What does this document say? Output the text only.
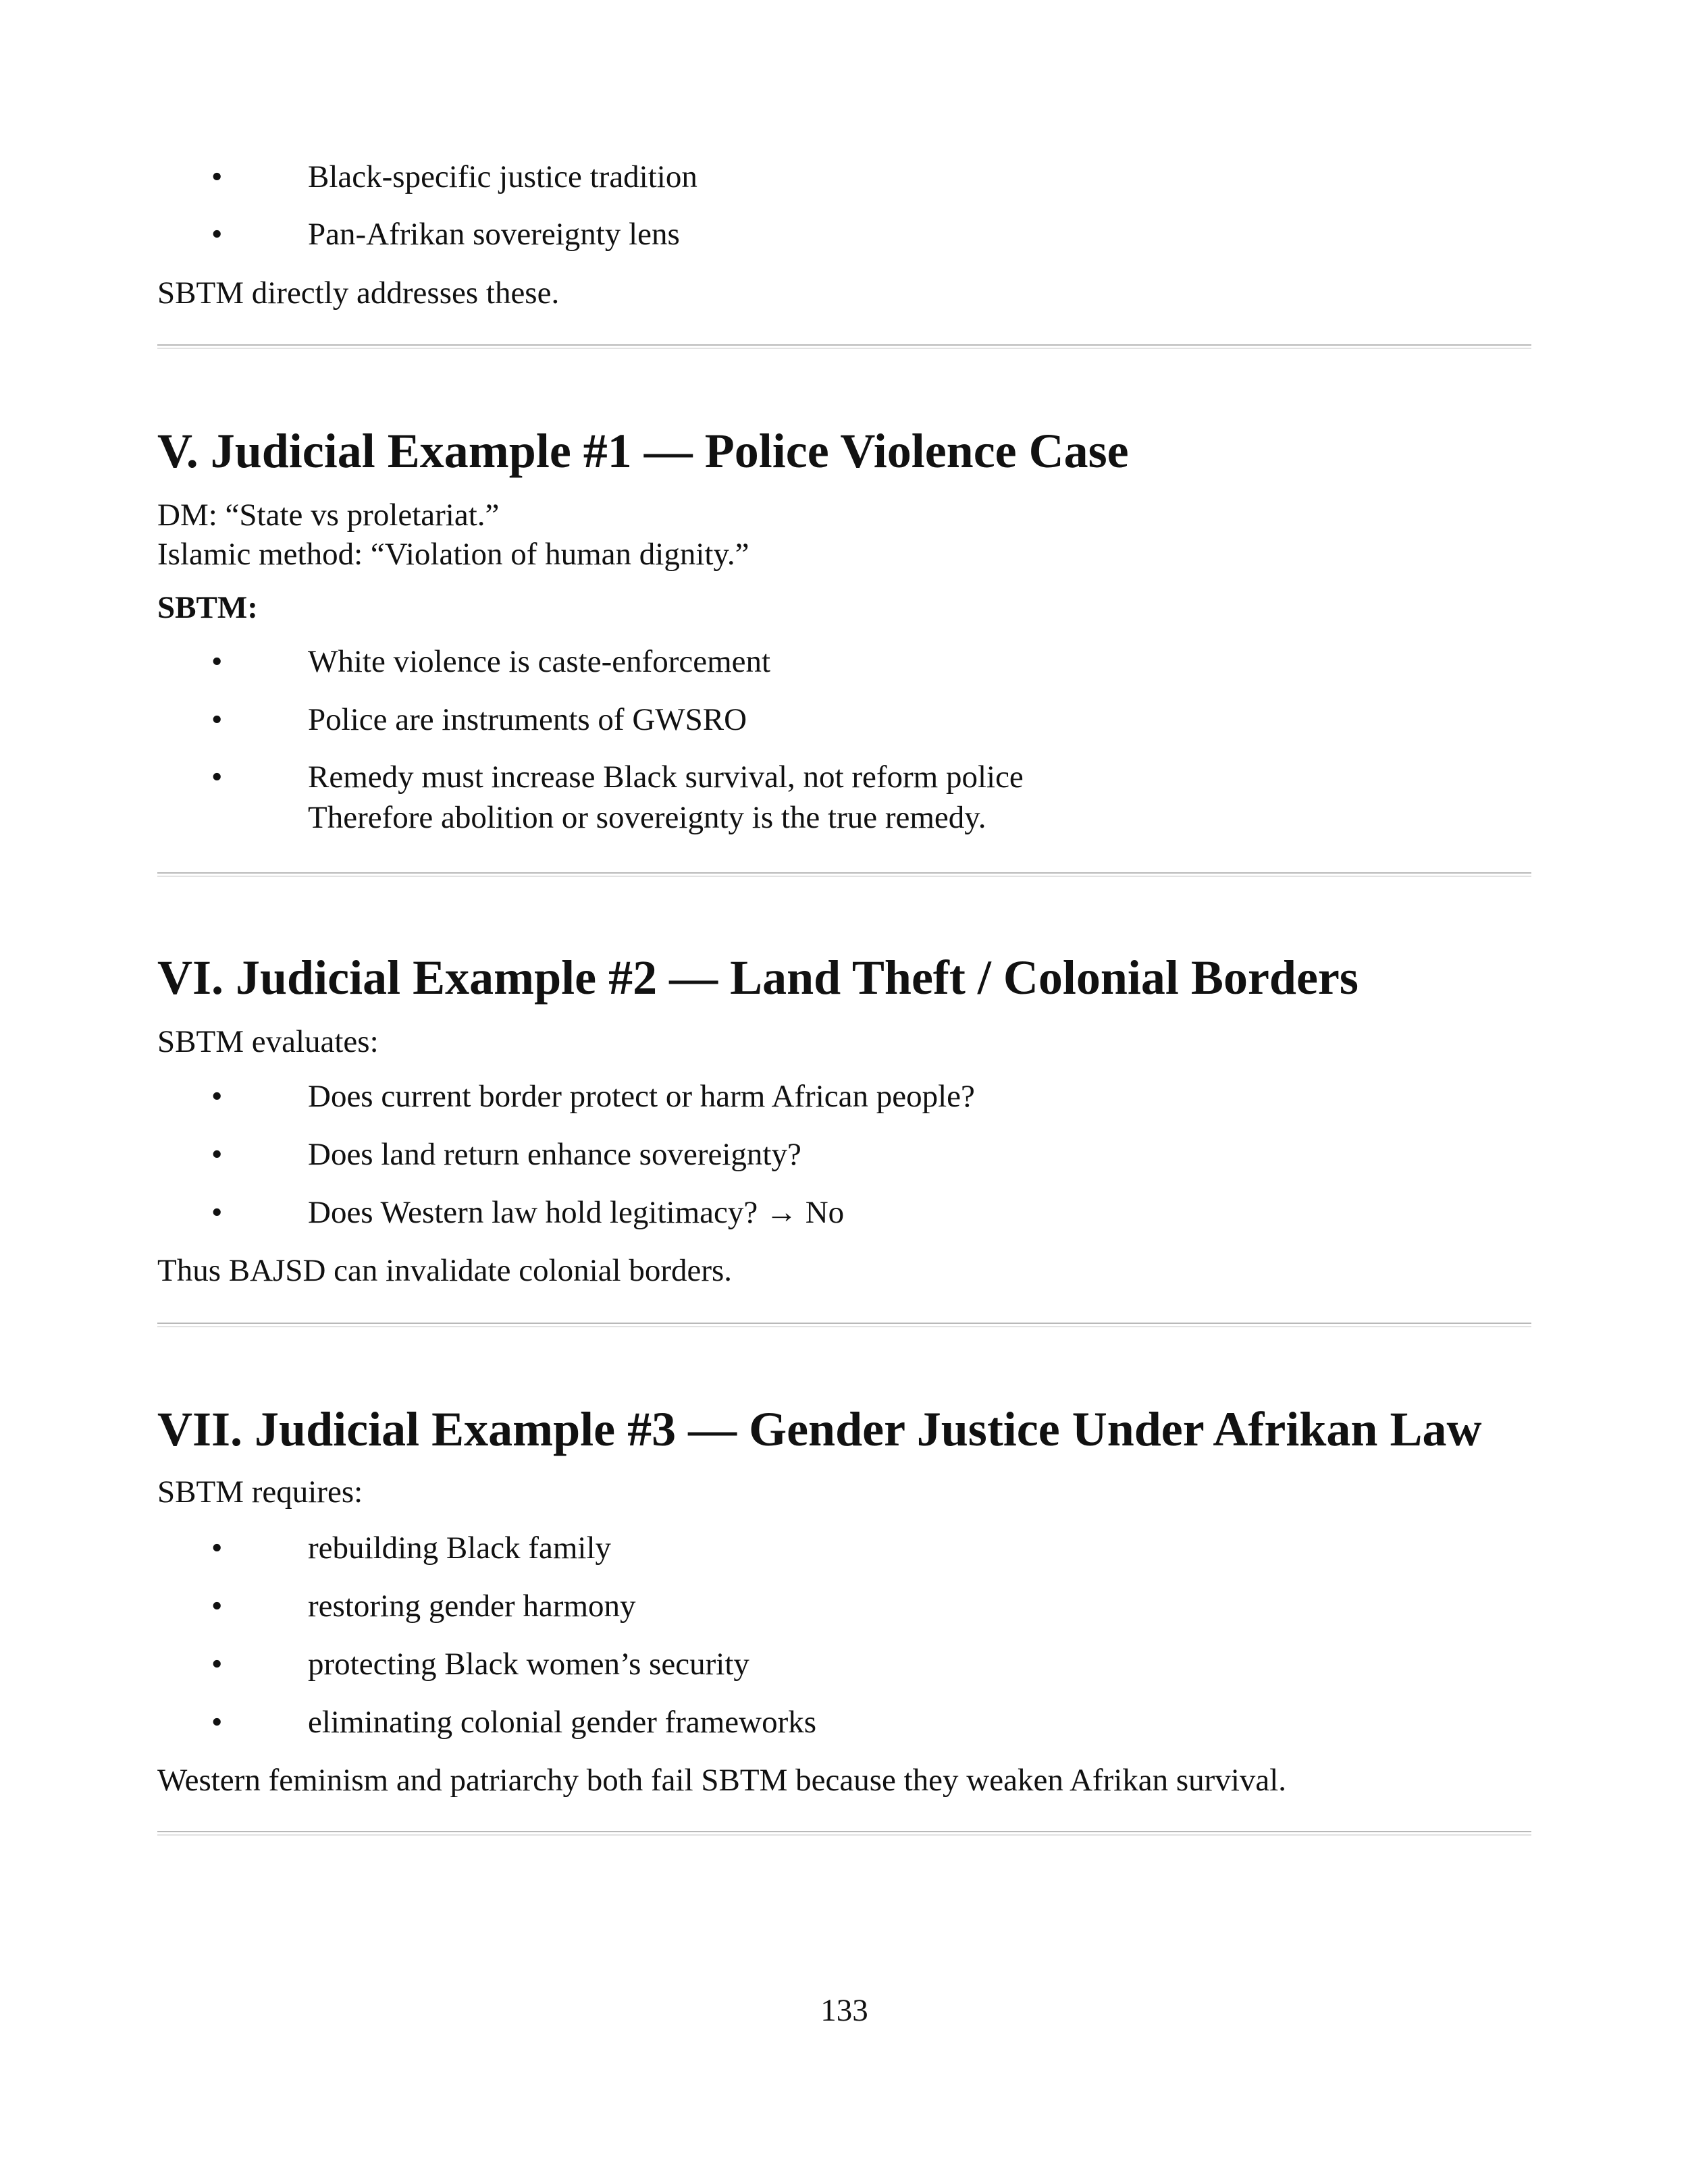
•	Black-specific justice tradition
•	Pan-Afrikan sovereignty lens
SBTM directly addresses these.
V. Judicial Example #1 — Police Violence Case
DM: “State vs proletariat.”
Islamic method: “Violation of human dignity.”
SBTM:
•	White violence is caste-enforcement
•	Police are instruments of GWSRO
•	Remedy must increase Black survival, not reform police
Therefore abolition or sovereignty is the true remedy.
VI. Judicial Example #2 — Land Theft / Colonial Borders
SBTM evaluates:
•	Does current border protect or harm African people?
•	Does land return enhance sovereignty?
•	Does Western law hold legitimacy? → No
Thus BAJSD can invalidate colonial borders.
VII. Judicial Example #3 — Gender Justice Under Afrikan Law
SBTM requires:
•	rebuilding Black family
•	restoring gender harmony
•	protecting Black women’s security
•	eliminating colonial gender frameworks
Western feminism and patriarchy both fail SBTM because they weaken Afrikan survival.
133
